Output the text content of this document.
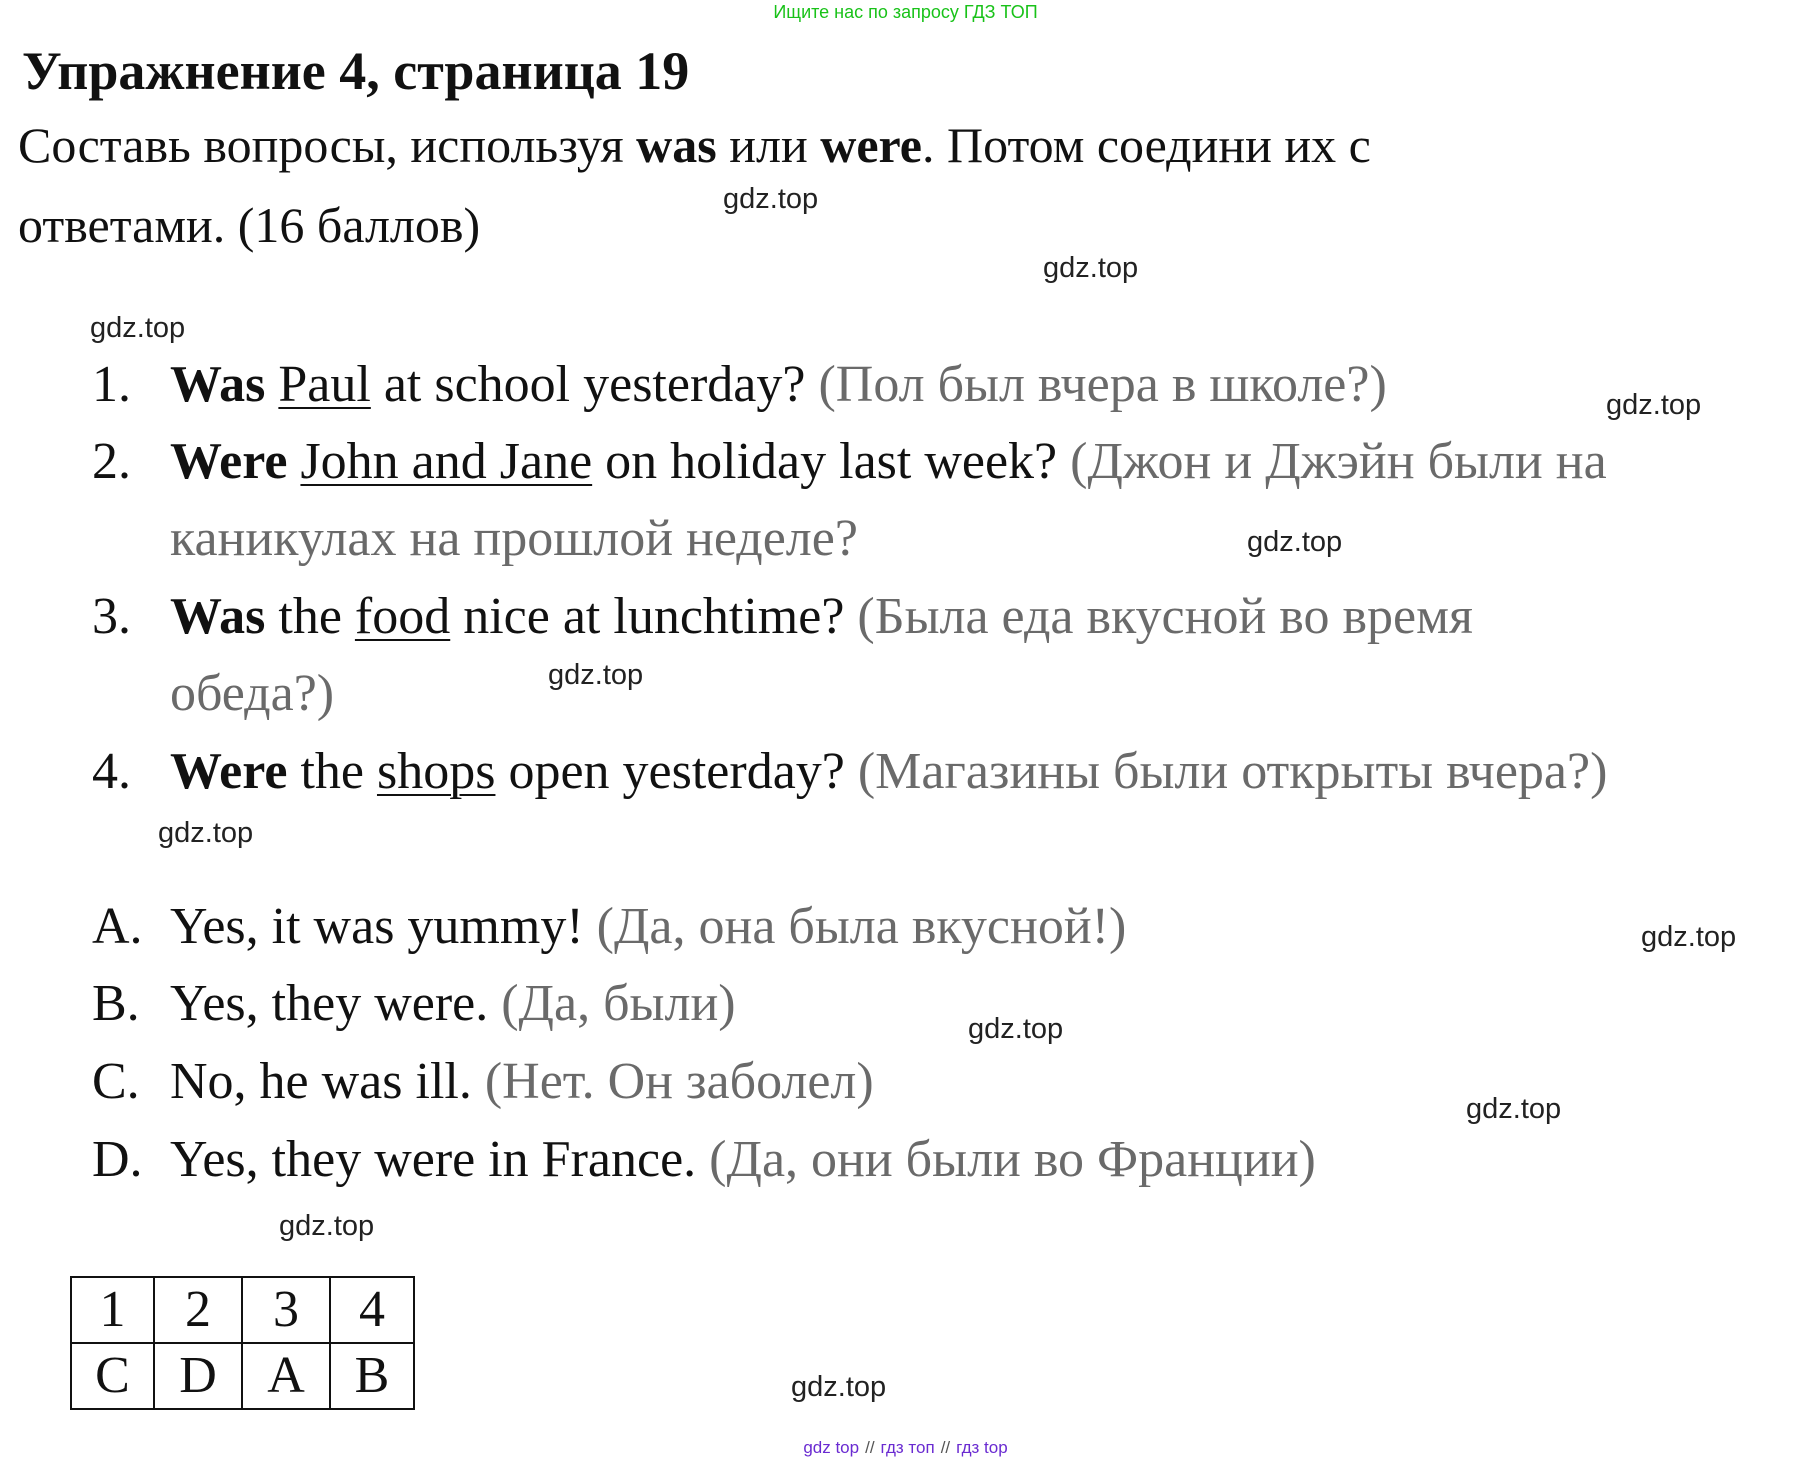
Ищите нас по запросу ГДЗ ТОП
Упражнение 4, страница 19
Составь вопросы, используя was или were. Потом соедини их с
ответами. (16 баллов)	gdz.top
gdz.top
gdz.top
gdz.top
gdz.top
gdz.top
gdz.top
gdz.top
gdz.top
gdz.top
gdz.top
gdz.top
1. Was Paul at school yesterday? (Пол был вчера в школе?)
2. Were John and Jane on holiday last week? (Джон и Джэйн были на
каникулах на прошлой неделе?
3. Was the food nice at lunchtime? (Была еда вкусной во время
обеда?)
4. Were the shops open yesterday? (Магазины были открыты вчера?)
A. Yes, it was yummy! (Да, она была вкусной!)
B. Yes, they were. (Да, были)
C. No, he was ill. (Нет. Он заболел)
D. Yes, they were in France. (Да, они были во Франции)
1	2	3	4
C	D	A	B
gdz top // гдз топ // гдз top
